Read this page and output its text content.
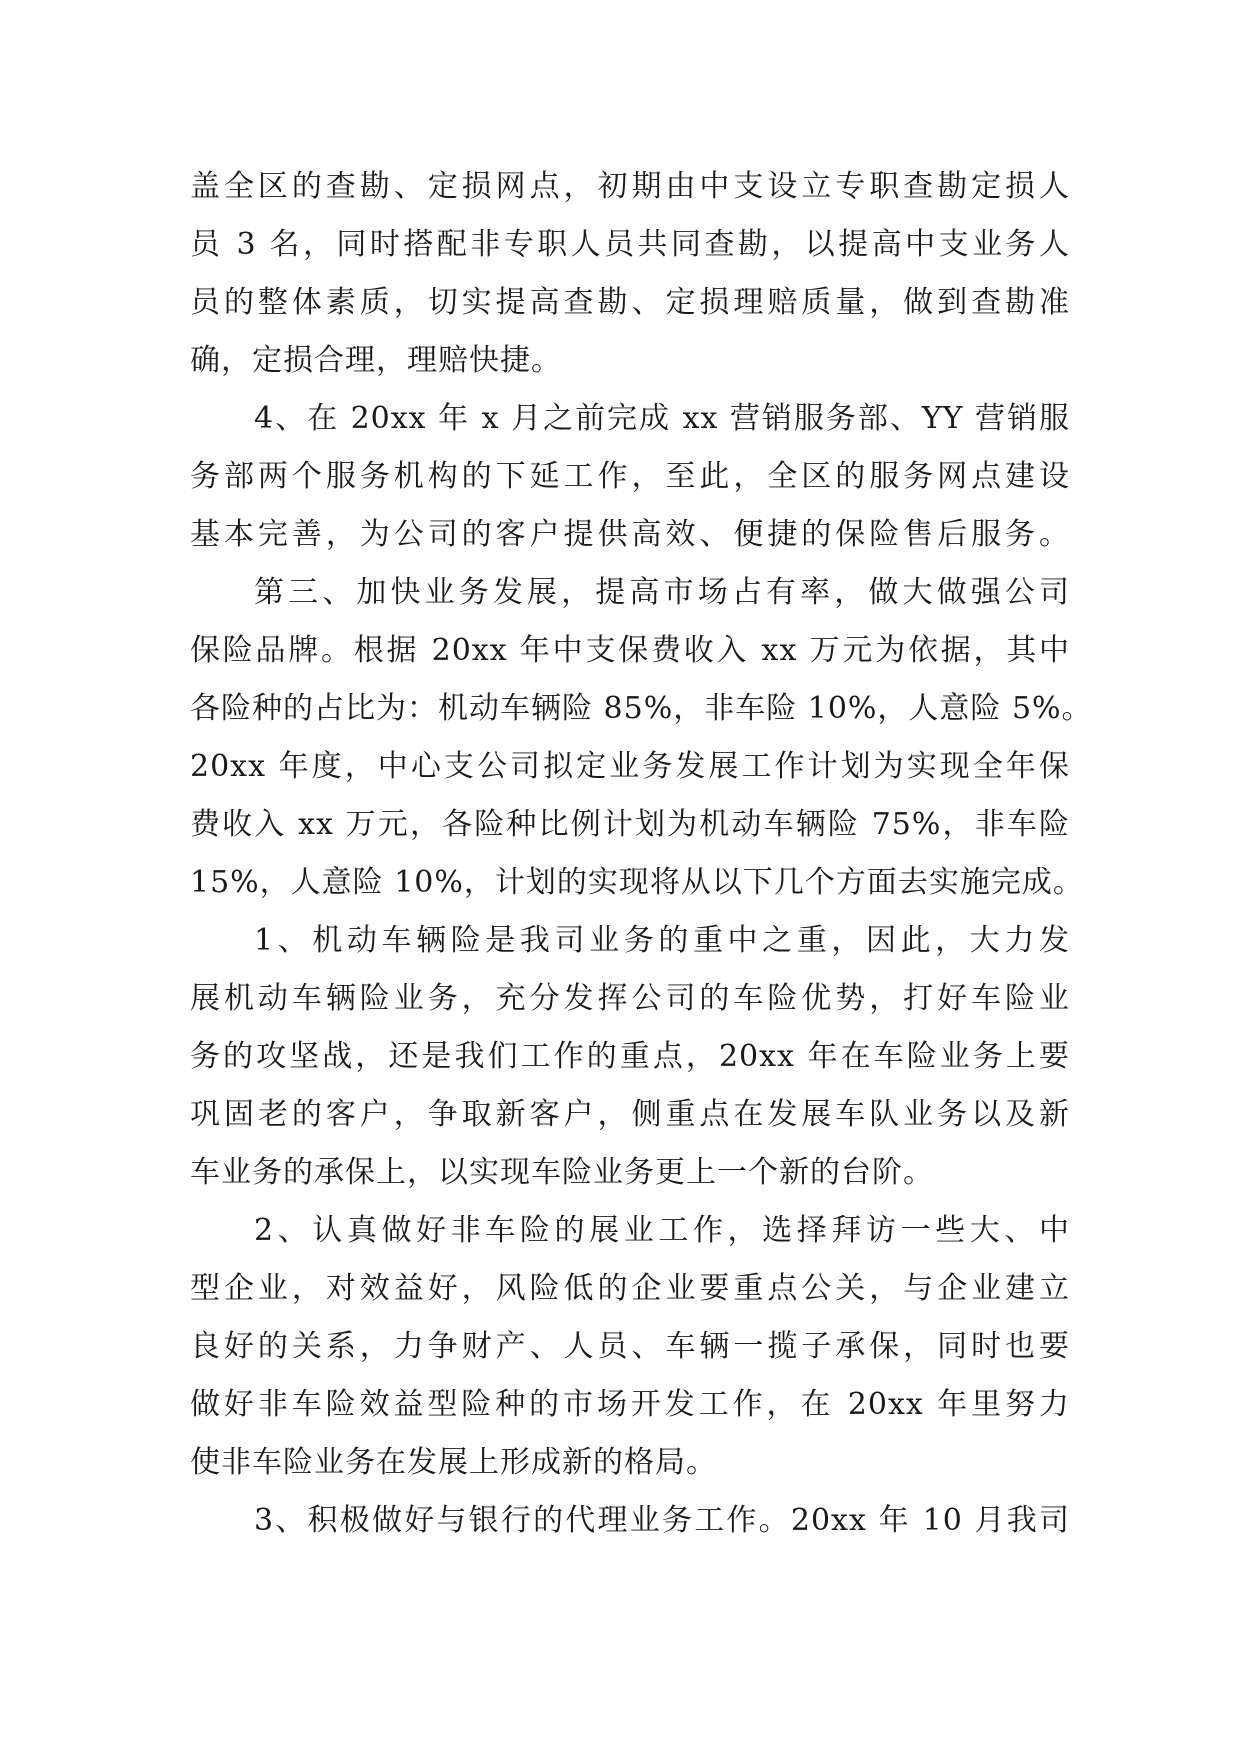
盖全区的查勘、定损网点，初期由中支设立专职查勘定损人
员 3 名，同时搭配非专职人员共同查勘，以提高中支业务人
员的整体素质，切实提高查勘、定损理赔质量，做到查勘准
确，定损合理，理赔快捷。
4、在 20xx 年 x 月之前完成 xx 营销服务部、YY 营销服
务部两个服务机构的下延工作，至此，全区的服务网点建设
基本完善，为公司的客户提供高效、便捷的保险售后服务。
第三、加快业务发展，提高市场占有率，做大做强公司
保险品牌。根据 20xx 年中支保费收入 xx 万元为依据，其中
各险种的占比为：机动车辆险 85%，非车险 10%，人意险 5%。
20xx 年度，中心支公司拟定业务发展工作计划为实现全年保
费收入 xx 万元，各险种比例计划为机动车辆险 75%，非车险
15%，人意险 10%，计划的实现将从以下几个方面去实施完成。
1、机动车辆险是我司业务的重中之重，因此，大力发
展机动车辆险业务，充分发挥公司的车险优势，打好车险业
务的攻坚战，还是我们工作的重点，20xx 年在车险业务上要
巩固老的客户，争取新客户，侧重点在发展车队业务以及新
车业务的承保上，以实现车险业务更上一个新的台阶。
2、认真做好非车险的展业工作，选择拜访一些大、中
型企业，对效益好，风险低的企业要重点公关，与企业建立
良好的关系，力争财产、人员、车辆一揽子承保，同时也要
做好非车险效益型险种的市场开发工作，在 20xx 年里努力
使非车险业务在发展上形成新的格局。
3、积极做好与银行的代理业务工作。20xx 年 10 月我司
